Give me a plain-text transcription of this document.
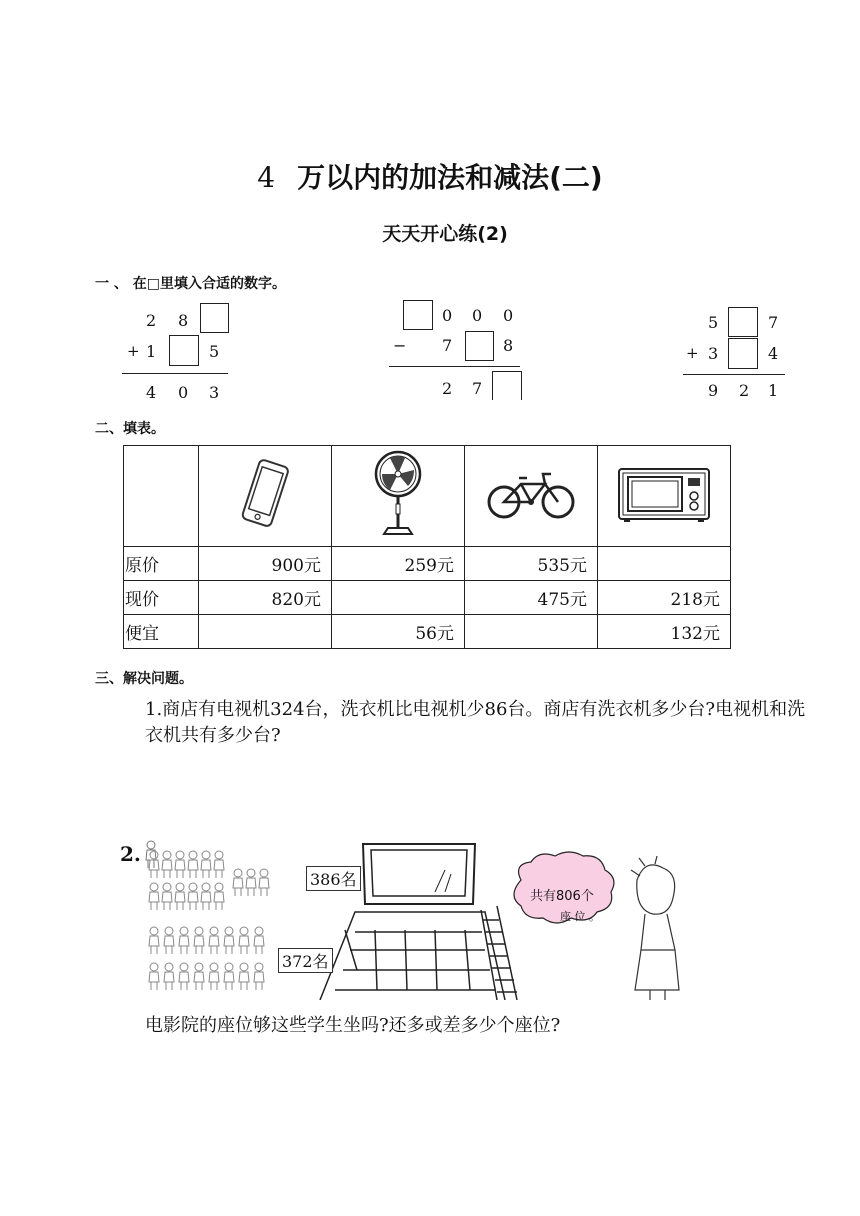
4 万以内的加法和减法(二)
天天开心练(2)
一 、 在□里填入合适的数字。
2 8
+ 1	5
4 0 3
0 0 0
− 7	8
2 7
5	7
+ 3	4
9 2 1
二、填表。

原价	900元	259元	535元	
现价	820元		475元	218元
便宜		56元		132元
三、解决问题。
1.商店有电视机324台，洗衣机比电视机少86台。商店有洗衣机多少台?电视机和洗衣机共有多少台?
2.
386名
372名
共有806个
座 位 。
电影院的座位够这些学生坐吗?还多或差多少个座位?
